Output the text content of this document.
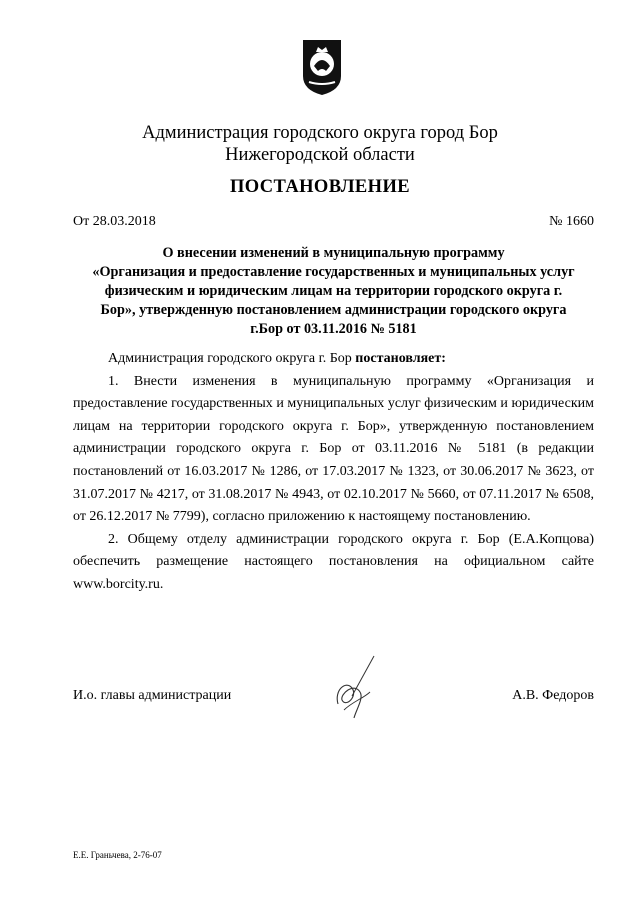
Администрация городского округа город Бор
Нижегородской области
ПОСТАНОВЛЕНИЕ
От 28.03.2018	№ 1660
О внесении изменений в муниципальную программу
«Организация и предоставление государственных и муниципальных услуг
физическим и юридическим лицам на территории городского округа г.
Бор», утвержденную постановлением администрации городского округа
г.Бор от 03.11.2016 № 5181

Администрация городского округа г. Бор постановляет:

1. Внести изменения в муниципальную программу «Организация и предоставление государственных и муниципальных услуг физическим и юридическим лицам на территории городского округа г. Бор», утвержденную постановлением администрации городского округа г. Бор от 03.11.2016 № 5181 (в редакции постановлений от 16.03.2017 № 1286, от 17.03.2017 № 1323, от 30.06.2017 № 3623, от 31.07.2017 № 4217, от 31.08.2017 № 4943, от 02.10.2017 № 5660, от 07.11.2017 № 6508, от 26.12.2017 № 7799), согласно приложению к настоящему постановлению.

2. Общему отделу администрации городского округа г. Бор (Е.А.Копцова) обеспечить размещение настоящего постановления на официальном сайте www.borcity.ru.

И.о. главы администрации	А.В. Федоров
Е.Е. Граньчева, 2-76-07
